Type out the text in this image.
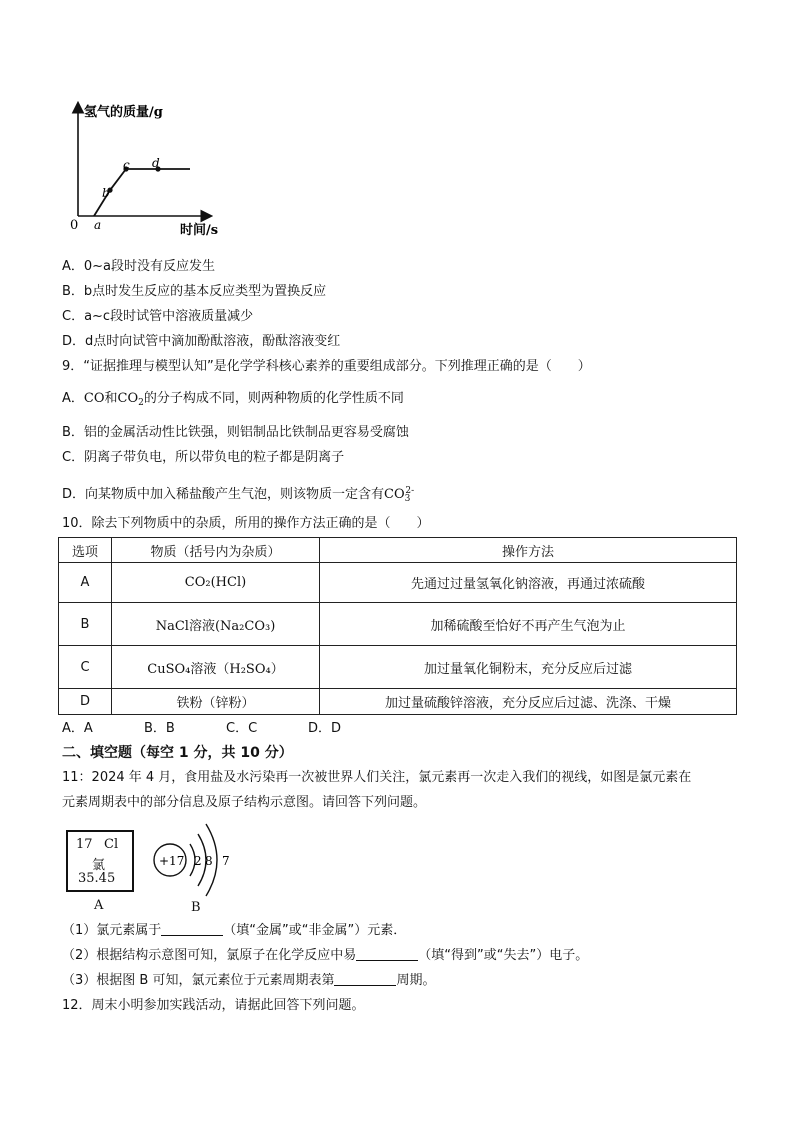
氢气的质量/g
时间/s
0 a
b
c d
A．0~a段时没有反应发生
B．b点时发生反应的基本反应类型为置换反应
C．a~c段时试管中溶液质量减少
D．d点时向试管中滴加酚酞溶液，酚酞溶液变红
9．“证据推理与模型认知”是化学学科核心素养的重要组成部分。下列推理正确的是（　　）
A．CO和$CO_2$的分子构成不同，则两种物质的化学性质不同
B．铝的金属活动性比铁强，则铝制品比铁制品更容易受腐蚀
C．阴离子带负电，所以带负电的粒子都是阴离子
D．向某物质中加入稀盐酸产生气泡，则该物质一定含有$CO_3^{2-}$
10．除去下列物质中的杂质，所用的操作方法正确的是（　　）
选项	物质（括号内为杂质）	操作方法
A	CO₂(HCl)	先通过过量氢氧化钠溶液，再通过浓硫酸
B	NaCl溶液(Na₂CO₃)	加稀硫酸至恰好不再产生气泡为止
C	CuSO₄溶液（H₂SO₄）	加过量氧化铜粉末，充分反应后过滤
D	铁粉（锌粉）	加过量硫酸锌溶液，充分反应后过滤、洗涤、干燥
A．A	B．B	C．C	D．D
二、填空题（每空 1 分，共 10 分）
11：2024 年 4 月，食用盐及水污染再一次被世界人们关注，氯元素再一次走入我们的视线，如图是氯元素在
元素周期表中的部分信息及原子结构示意图。请回答下列问题。
17 Cl
氯
35.45
A
+17 2 8 7
B
（1）氯元素属于	（填“金属”或“非金属”）元素．
（2）根据结构示意图可知，氯原子在化学反应中易	（填“得到”或“失去”）电子。
（3）根据图 B 可知，氯元素位于元素周期表第	周期。
12．周末小明参加实践活动，请据此回答下列问题。
